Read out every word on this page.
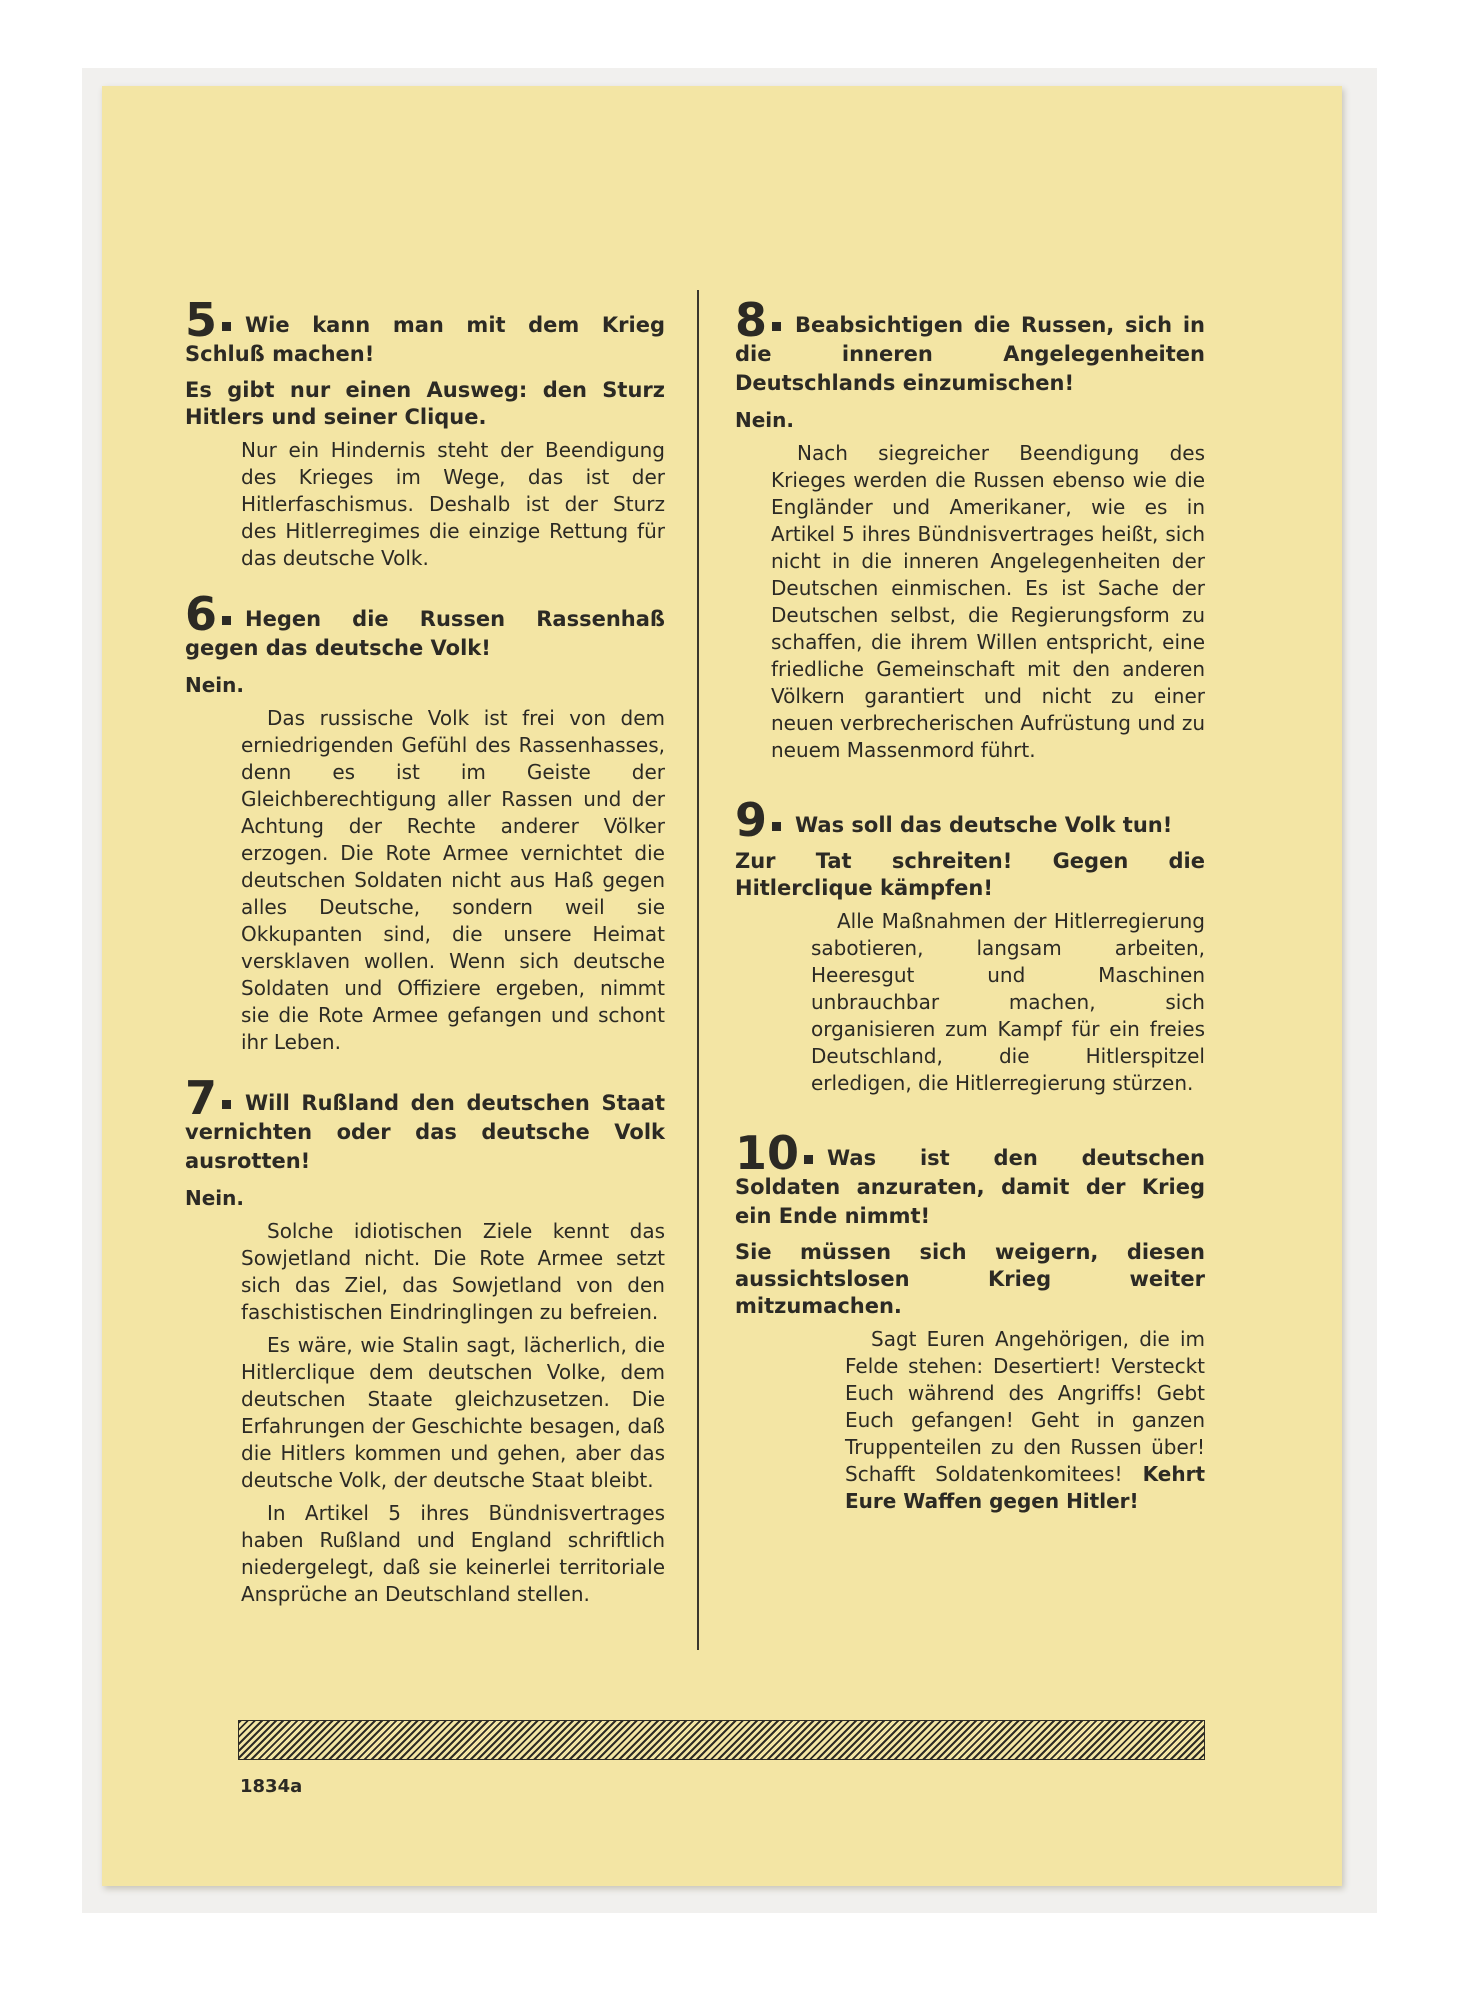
5 Wie kann man mit dem Krieg Schluß machen!
Es gibt nur einen Ausweg: den Sturz Hitlers und seiner Clique.
Nur ein Hindernis steht der Beendigung des Krieges im Wege, das ist der Hitlerfaschismus. Deshalb ist der Sturz des Hitlerregimes die einzige Rettung für das deutsche Volk.
6 Hegen die Russen Rassenhaß gegen das deutsche Volk!
Nein.
Das russische Volk ist frei von dem erniedrigenden Gefühl des Rassenhasses, denn es ist im Geiste der Gleichberechtigung aller Rassen und der Achtung der Rechte anderer Völker erzogen. Die Rote Armee vernichtet die deutschen Soldaten nicht aus Haß gegen alles Deutsche, sondern weil sie Okkupanten sind, die unsere Heimat versklaven wollen. Wenn sich deutsche Soldaten und Offiziere ergeben, nimmt sie die Rote Armee gefangen und schont ihr Leben.
7 Will Rußland den deutschen Staat vernichten oder das deutsche Volk ausrotten!
Nein.
Solche idiotischen Ziele kennt das Sowjetland nicht. Die Rote Armee setzt sich das Ziel, das Sowjetland von den faschistischen Eindringlingen zu befreien.
Es wäre, wie Stalin sagt, lächerlich, die Hitlerclique dem deutschen Volke, dem deutschen Staate gleichzusetzen. Die Erfahrungen der Geschichte besagen, daß die Hitlers kommen und gehen, aber das deutsche Volk, der deutsche Staat bleibt.
In Artikel 5 ihres Bündnisvertrages haben Rußland und England schriftlich niedergelegt, daß sie keinerlei territoriale Ansprüche an Deutschland stellen.
8 Beabsichtigen die Russen, sich in die inneren Angelegenheiten Deutschlands einzumischen!
Nein.
Nach siegreicher Beendigung des Krieges werden die Russen ebenso wie die Engländer und Amerikaner, wie es in Artikel 5 ihres Bündnisvertrages heißt, sich nicht in die inneren Angelegenheiten der Deutschen einmischen. Es ist Sache der Deutschen selbst, die Regierungsform zu schaffen, die ihrem Willen entspricht, eine friedliche Gemeinschaft mit den anderen Völkern garantiert und nicht zu einer neuen verbrecherischen Aufrüstung und zu neuem Massenmord führt.
9 Was soll das deutsche Volk tun!
Zur Tat schreiten! Gegen die Hitlerclique kämpfen!
Alle Maßnahmen der Hitlerregierung sabotieren, langsam arbeiten, Heeresgut und Maschinen unbrauchbar machen, sich organisieren zum Kampf für ein freies Deutschland, die Hitlerspitzel erledigen, die Hitlerregierung stürzen.
10 Was ist den deutschen Soldaten anzuraten, damit der Krieg ein Ende nimmt!
Sie müssen sich weigern, diesen aussichtslosen Krieg weiter mitzumachen.
Sagt Euren Angehörigen, die im Felde stehen: Desertiert! Versteckt Euch während des Angriffs! Gebt Euch gefangen! Geht in ganzen Truppenteilen zu den Russen über! Schafft Soldatenkomitees! Kehrt Eure Waffen gegen Hitler!
1834a
